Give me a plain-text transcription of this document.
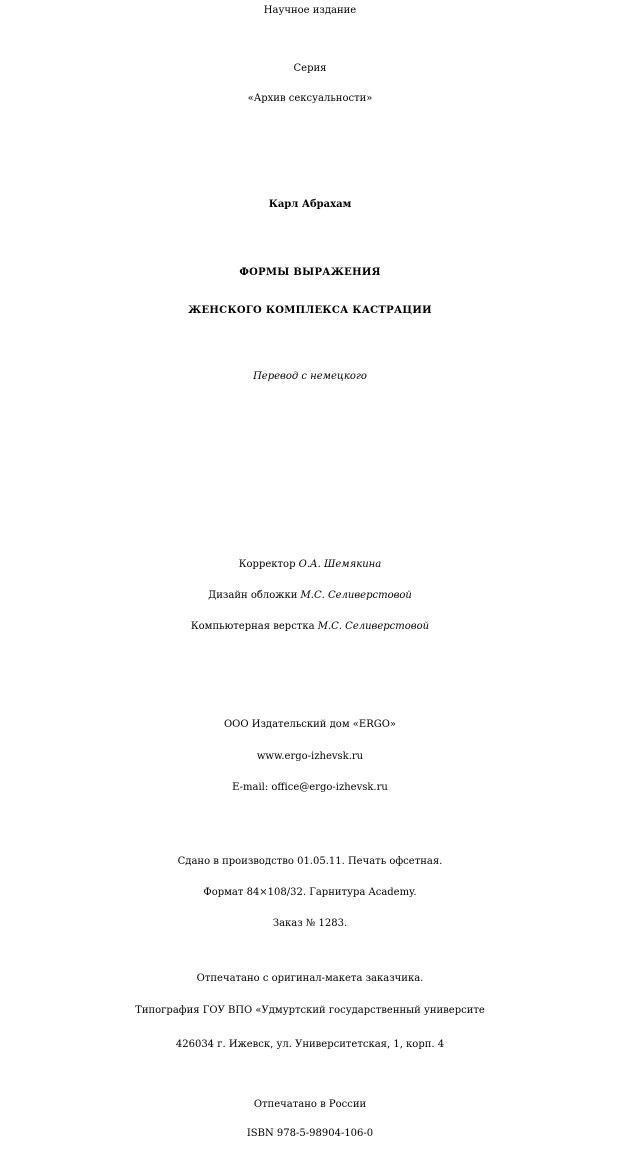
Научное издание
Серия
«Архив сексуальности»
Карл Абрахам
ФОРМЫ ВЫРАЖЕНИЯ
ЖЕНСКОГО КОМПЛЕКСА КАСТРАЦИИ
Перевод с немецкого
Корректор О.А. Шемякина
Дизайн обложки М.С. Селиверстовой
Компьютерная верстка М.С. Селиверстовой
ООО Издательский дом «ERGO»
www.ergo-izhevsk.ru
E-mail: office@ergo-izhevsk.ru
Сдано в производство 01.05.11. Печать офсетная.
Формат 84×108/32. Гарнитура Academy.
Заказ № 1283.
Отпечатано с оригинал-макета заказчика.
Типография ГОУ ВПО «Удмуртский государственный университе
426034 г. Ижевск, ул. Университетская, 1, корп. 4
Отпечатано в России
ISBN 978-5-98904-106-0
